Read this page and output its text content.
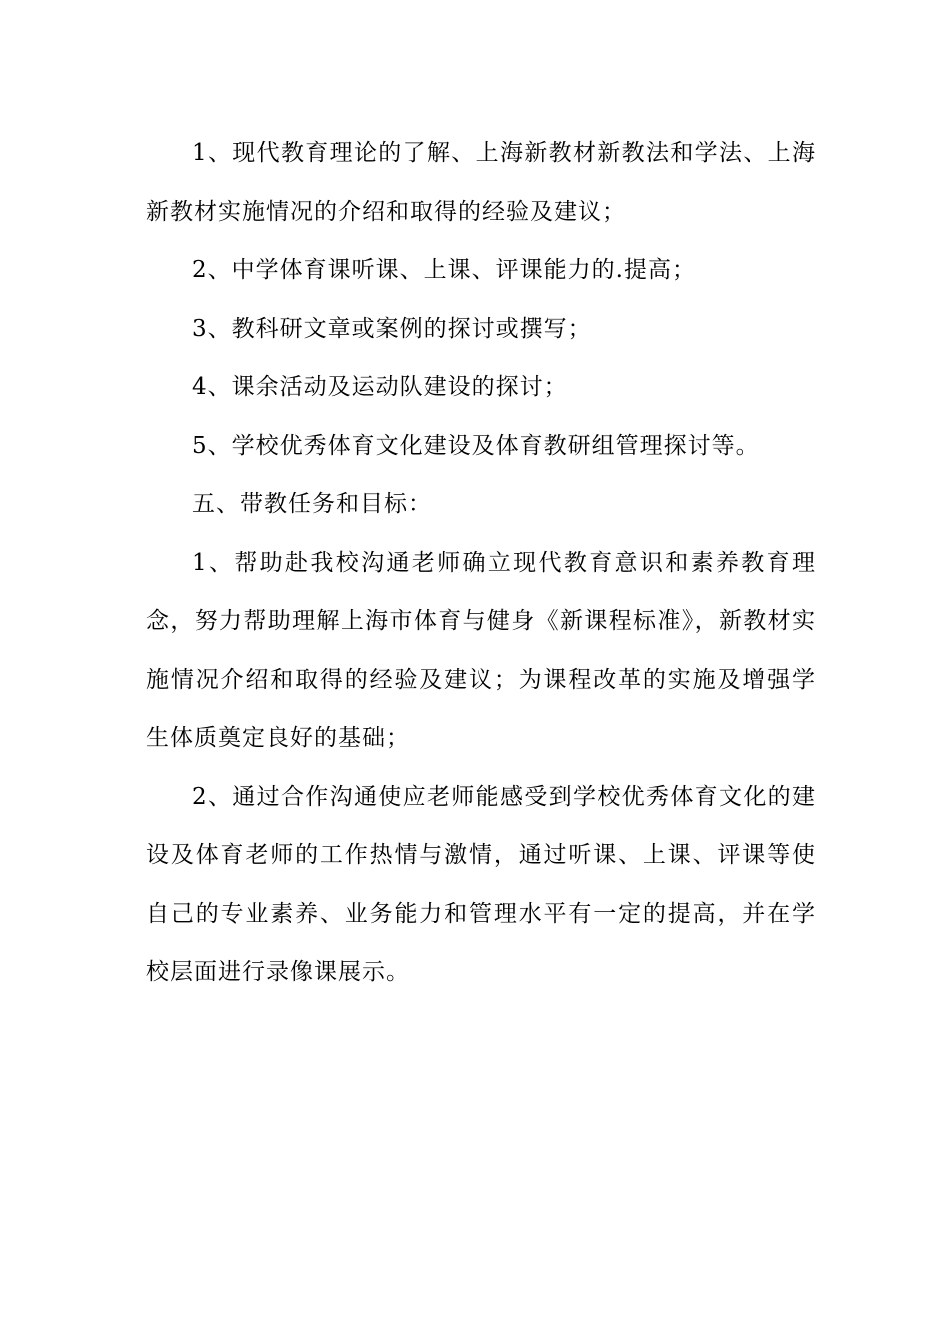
1、现代教育理论的了解、上海新教材新教法和学法、上海新教材实施情况的介绍和取得的经验及建议；

2、中学体育课听课、上课、评课能力的.提高；

3、教科研文章或案例的探讨或撰写；

4、课余活动及运动队建设的探讨；

5、学校优秀体育文化建设及体育教研组管理探讨等。

五、带教任务和目标：

1、帮助赴我校沟通老师确立现代教育意识和素养教育理念，努力帮助理解上海市体育与健身《新课程标准》，新教材实施情况介绍和取得的经验及建议；为课程改革的实施及增强学生体质奠定良好的基础；

2、通过合作沟通使应老师能感受到学校优秀体育文化的建设及体育老师的工作热情与激情，通过听课、上课、评课等使自己的专业素养、业务能力和管理水平有一定的提高，并在学校层面进行录像课展示。
